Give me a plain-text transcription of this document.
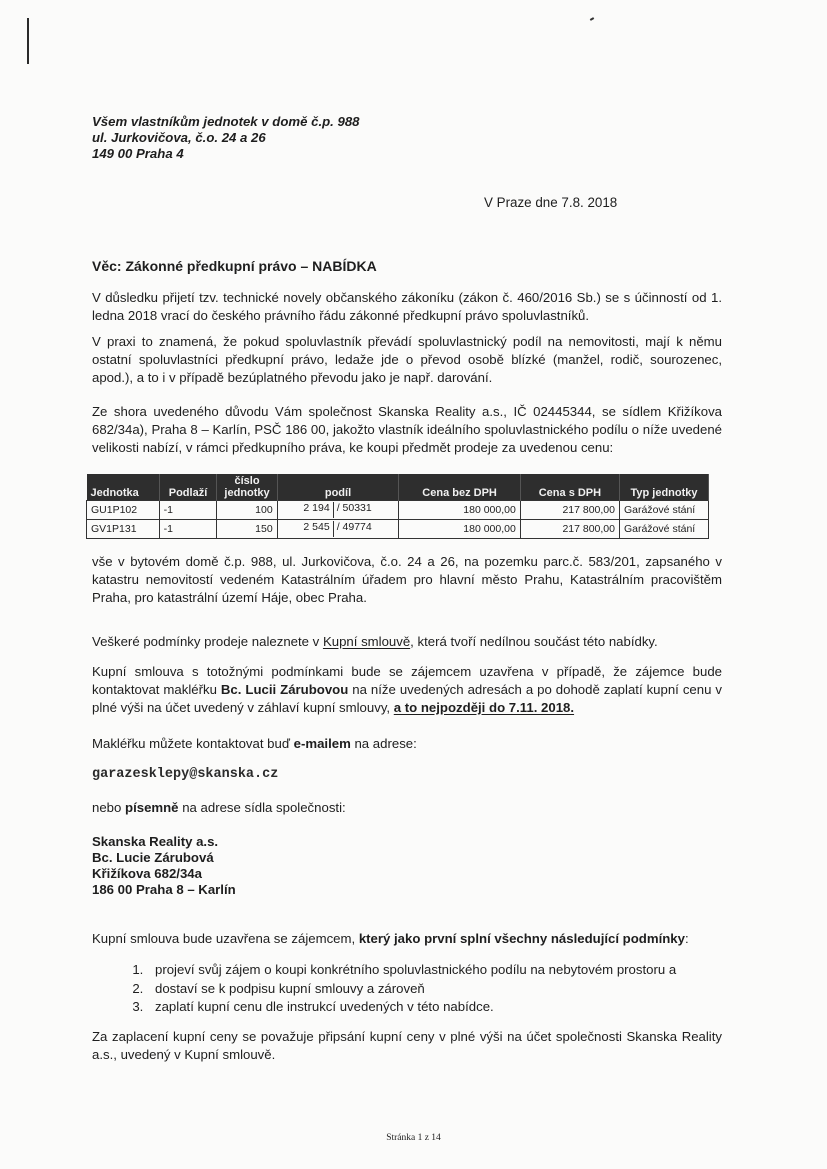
Všem vlastníkům jednotek v domě č.p. 988
ul. Jurkovičova, č.o. 24 a 26
149 00 Praha 4
V Praze dne 7.8. 2018
Věc: Zákonné předkupní právo – NABÍDKA

V důsledku přijetí tzv. technické novely občanského zákoníku (zákon č. 460/2016 Sb.) se s účinností od 1. ledna 2018 vrací do českého právního řádu zákonné předkupní právo spoluvlastníků.

V praxi to znamená, že pokud spoluvlastník převádí spoluvlastnický podíl na nemovitosti, mají k němu ostatní spoluvlastníci předkupní právo, ledaže jde o převod osobě blízké (manžel, rodič, sourozenec, apod.), a to i v případě bezúplatného převodu jako je např. darování.

Ze shora uvedeného důvodu Vám společnost Skanska Reality a.s., IČ 02445344, se sídlem Křižíkova 682/34a), Praha 8 – Karlín, PSČ 186 00, jakožto vlastník ideálního spoluvlastnického podílu o níže uvedené velikosti nabízí, v rámci předkupního práva, ke koupi předmět prodeje za uvedenou cenu:

Jednotka	Podlaží	číslo jednotky	podíl	Cena bez DPH	Cena s DPH	Typ jednotky
GU1P102	-1	100	2 194 / 50331	180 000,00	217 800,00	Garážové stání
GV1P131	-1	150	2 545 / 49774	180 000,00	217 800,00	Garážové stání

vše v bytovém domě č.p. 988, ul. Jurkovičova, č.o. 24 a 26, na pozemku parc.č. 583/201, zapsaného v katastru nemovitostí vedeném Katastrálním úřadem pro hlavní město Prahu, Katastrálním pracovištěm Praha, pro katastrální území Háje, obec Praha.

Veškeré podmínky prodeje naleznete v Kupní smlouvě, která tvoří nedílnou součást této nabídky.

Kupní smlouva s totožnými podmínkami bude se zájemcem uzavřena v případě, že zájemce bude kontaktovat makléřku Bc. Lucii Zárubovou na níže uvedených adresách a po dohodě zaplatí kupní cenu v plné výši na účet uvedený v záhlaví kupní smlouvy, a to nejpozději do 7.11. 2018.

Makléřku můžete kontaktovat buď e-mailem na adrese:

garazesklepy@skanska.cz

nebo písemně na adrese sídla společnosti:

Skanska Reality a.s.
Bc. Lucie Zárubová
Křižíkova 682/34a
186 00 Praha 8 – Karlín

Kupní smlouva bude uzavřena se zájemcem, který jako první splní všechny následující podmínky:

1. projeví svůj zájem o koupi konkrétního spoluvlastnického podílu na nebytovém prostoru a
2. dostaví se k podpisu kupní smlouvy a zároveň
3. zaplatí kupní cenu dle instrukcí uvedených v této nabídce.

Za zaplacení kupní ceny se považuje připsání kupní ceny v plné výši na účet společnosti Skanska Reality a.s., uvedený v Kupní smlouvě.

Stránka 1 z 14
